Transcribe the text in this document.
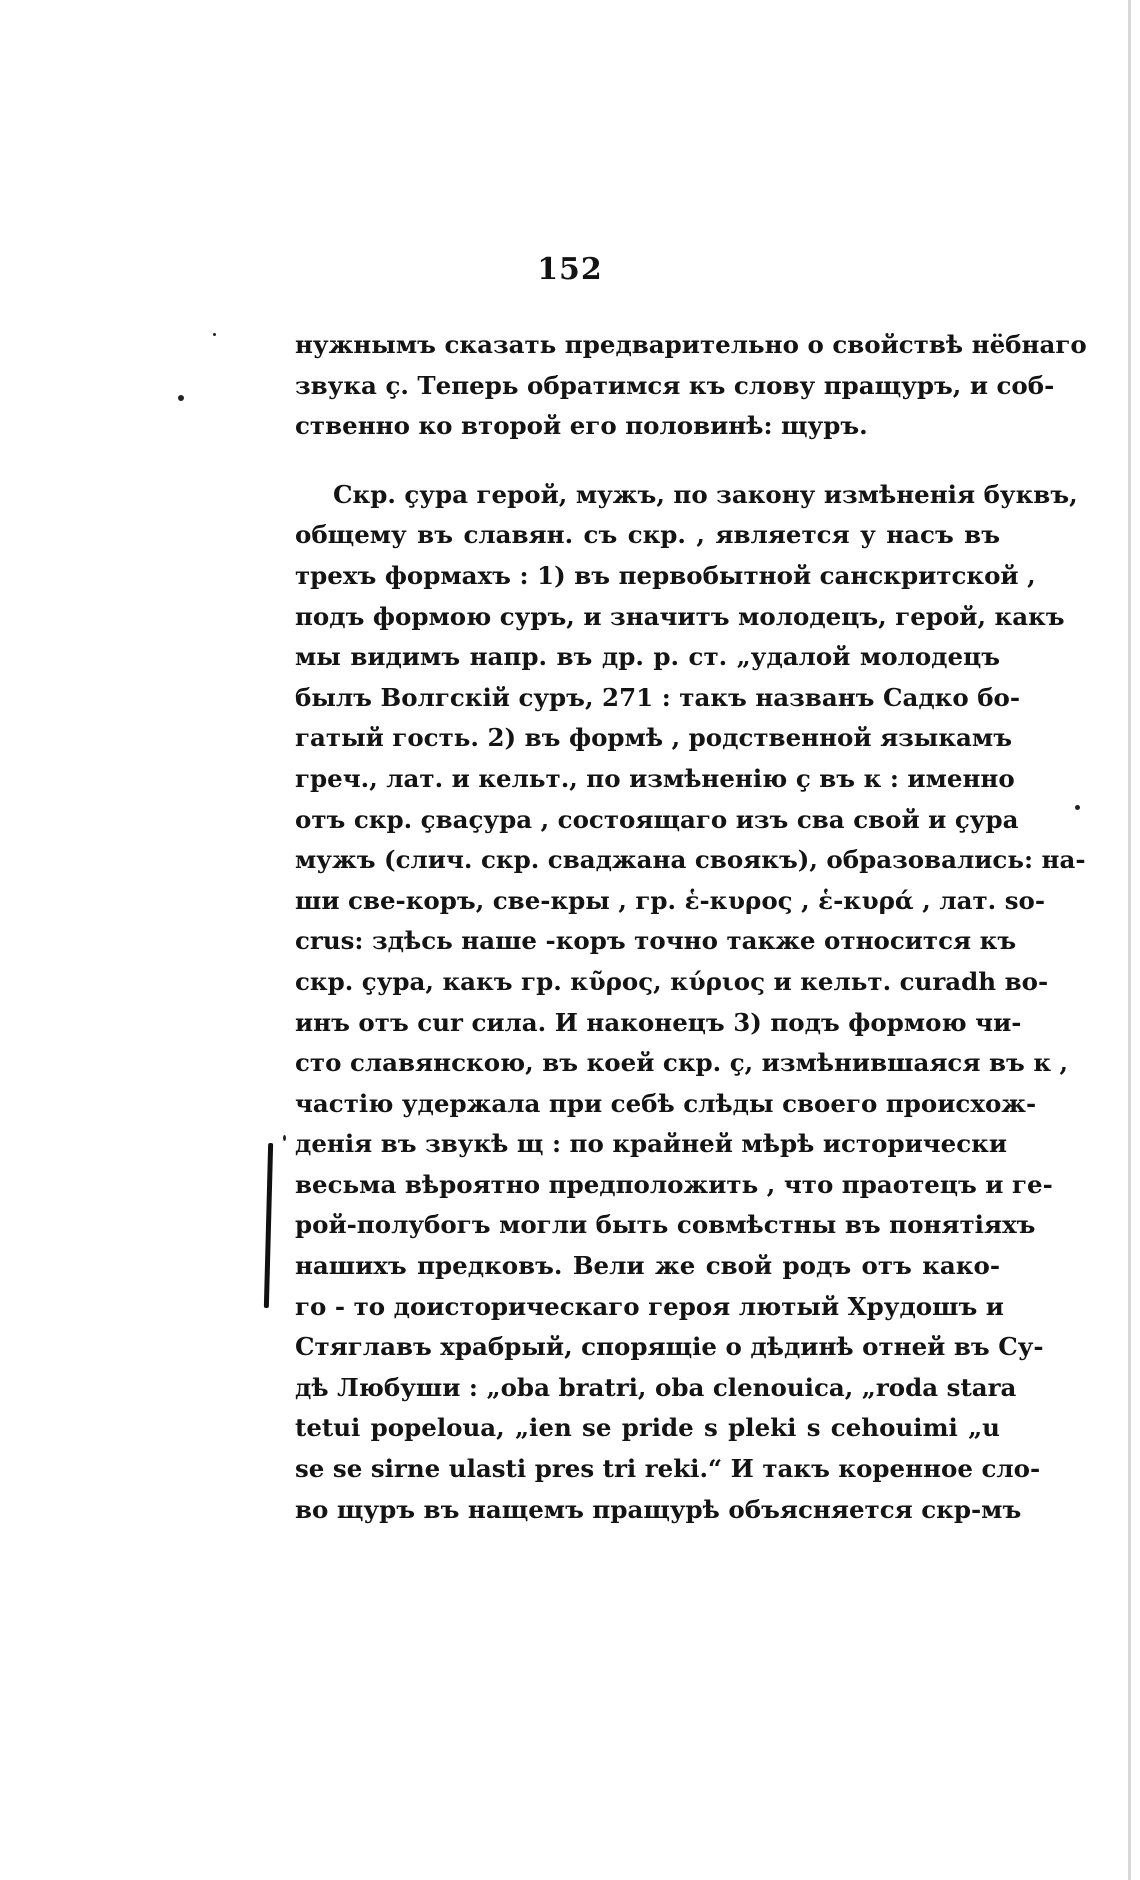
152
нужнымъ сказать предварительно о свойствѣ нёбнаго
звука ç. Теперь обратимся къ слову пращуръ, и соб-
ственно ко второй его половинѣ: щуръ.
Скр. çура герой, мужъ, по закону измѣненія буквъ,
общему въ славян. съ скр. , является у насъ въ
трехъ формахъ : 1) въ первобытной санскритской ,
подъ формою суръ, и значитъ молодецъ, герой, какъ
мы видимъ напр. въ др. р. ст. „удалой молодецъ
былъ Волгскій суръ, 271 : такъ названъ Садко бо-
гатый гость. 2) въ формѣ , родственной языкамъ
греч., лат. и кельт., по измѣненію ç въ к : именно
отъ скр. çваçура , состоящаго изъ сва свой и çура
мужъ (слич. скр. сваджана своякъ), образовались: на-
ши све-коръ, све-кры , гр. ἑ-κυρος , ἑ-κυρά , лат. so-
crus: здѣсь наше -коръ точно также относится къ
скр. çура, какъ гр. κῦρος, κύριος и кельт. curadh во-
инъ отъ cur сила. И наконецъ 3) подъ формою чи-
сто славянскою, въ коей скр. ç, измѣнившаяся въ к ,
частію удержала при себѣ слѣды своего происхож-
денія въ звукѣ щ : по крайней мѣрѣ исторически
весьма вѣроятно предположить , что праотецъ и ге-
рой-полубогъ могли быть совмѣстны въ понятіяхъ
нашихъ предковъ. Вели же свой родъ отъ како-
го - то доисторическаго героя лютый Хрудошъ и
Стяглавъ храбрый, спорящіе о дѣдинѣ отней въ Су-
дѣ Любуши : „oba bratri, oba clenouica, „roda stara
tetui popeloua, „ien se pride s pleki s cehouimi „u
se se sirne ulasti pres tri reki.“ И такъ коренное сло-
во щуръ въ нащемъ пращурѣ объясняется скр-мъ
